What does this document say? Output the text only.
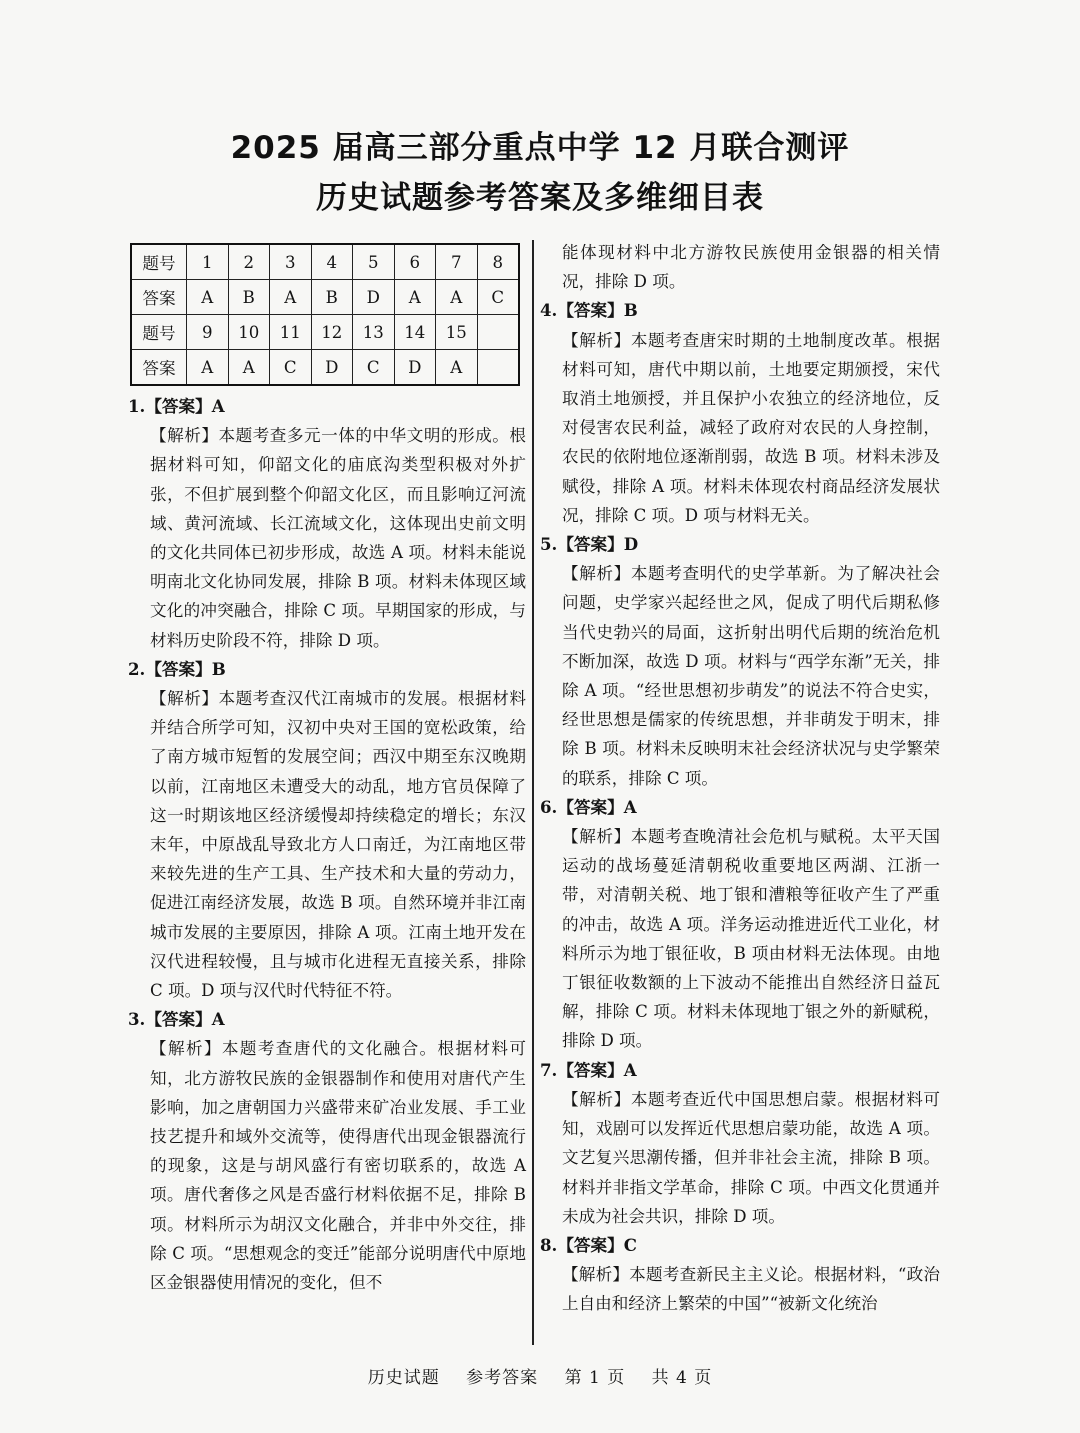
2025 届高三部分重点中学 12 月联合测评
历史试题参考答案及多维细目表
题号	1	2	3	4	5	6	7	8
答案	A	B	A	B	D	A	A	C
题号	9	10	11	12	13	14	15	
答案	A	A	C	D	C	D	A	
1.【答案】A
【解析】本题考查多元一体的中华文明的形成。根据材料可知，仰韶文化的庙底沟类型积极对外扩张，不但扩展到整个仰韶文化区，而且影响辽河流域、黄河流域、长江流域文化，这体现出史前文明的文化共同体已初步形成，故选 A 项。材料未能说明南北文化协同发展，排除 B 项。材料未体现区域文化的冲突融合，排除 C 项。早期国家的形成，与材料历史阶段不符，排除 D 项。
2.【答案】B
【解析】本题考查汉代江南城市的发展。根据材料并结合所学可知，汉初中央对王国的宽松政策，给了南方城市短暂的发展空间；西汉中期至东汉晚期以前，江南地区未遭受大的动乱，地方官员保障了这一时期该地区经济缓慢却持续稳定的增长；东汉末年，中原战乱导致北方人口南迁，为江南地区带来较先进的生产工具、生产技术和大量的劳动力，促进江南经济发展，故选 B 项。自然环境并非江南城市发展的主要原因，排除 A 项。江南土地开发在汉代进程较慢，且与城市化进程无直接关系，排除 C 项。D 项与汉代时代特征不符。
3.【答案】A
【解析】本题考查唐代的文化融合。根据材料可知，北方游牧民族的金银器制作和使用对唐代产生影响，加之唐朝国力兴盛带来矿冶业发展、手工业技艺提升和域外交流等，使得唐代出现金银器流行的现象，这是与胡风盛行有密切联系的，故选 A 项。唐代奢侈之风是否盛行材料依据不足，排除 B 项。材料所示为胡汉文化融合，并非中外交往，排除 C 项。“思想观念的变迁”能部分说明唐代中原地区金银器使用情况的变化，但不
能体现材料中北方游牧民族使用金银器的相关情况，排除 D 项。
4.【答案】B
【解析】本题考查唐宋时期的土地制度改革。根据材料可知，唐代中期以前，土地要定期颁授，宋代取消土地颁授，并且保护小农独立的经济地位，反对侵害农民利益，减轻了政府对农民的人身控制，农民的依附地位逐渐削弱，故选 B 项。材料未涉及赋役，排除 A 项。材料未体现农村商品经济发展状况，排除 C 项。D 项与材料无关。
5.【答案】D
【解析】本题考查明代的史学革新。为了解决社会问题，史学家兴起经世之风，促成了明代后期私修当代史勃兴的局面，这折射出明代后期的统治危机不断加深，故选 D 项。材料与“西学东渐”无关，排除 A 项。“经世思想初步萌发”的说法不符合史实，经世思想是儒家的传统思想，并非萌发于明末，排除 B 项。材料未反映明末社会经济状况与史学繁荣的联系，排除 C 项。
6.【答案】A
【解析】本题考查晚清社会危机与赋税。太平天国运动的战场蔓延清朝税收重要地区两湖、江浙一带，对清朝关税、地丁银和漕粮等征收产生了严重的冲击，故选 A 项。洋务运动推进近代工业化，材料所示为地丁银征收，B 项由材料无法体现。由地丁银征收数额的上下波动不能推出自然经济日益瓦解，排除 C 项。材料未体现地丁银之外的新赋税，排除 D 项。
7.【答案】A
【解析】本题考查近代中国思想启蒙。根据材料可知，戏剧可以发挥近代思想启蒙功能，故选 A 项。文艺复兴思潮传播，但并非社会主流，排除 B 项。材料并非指文学革命，排除 C 项。中西文化贯通并未成为社会共识，排除 D 项。
8.【答案】C
【解析】本题考查新民主主义论。根据材料，“政治上自由和经济上繁荣的中国”“被新文化统治
历史试题 参考答案 第 1 页 共 4 页
